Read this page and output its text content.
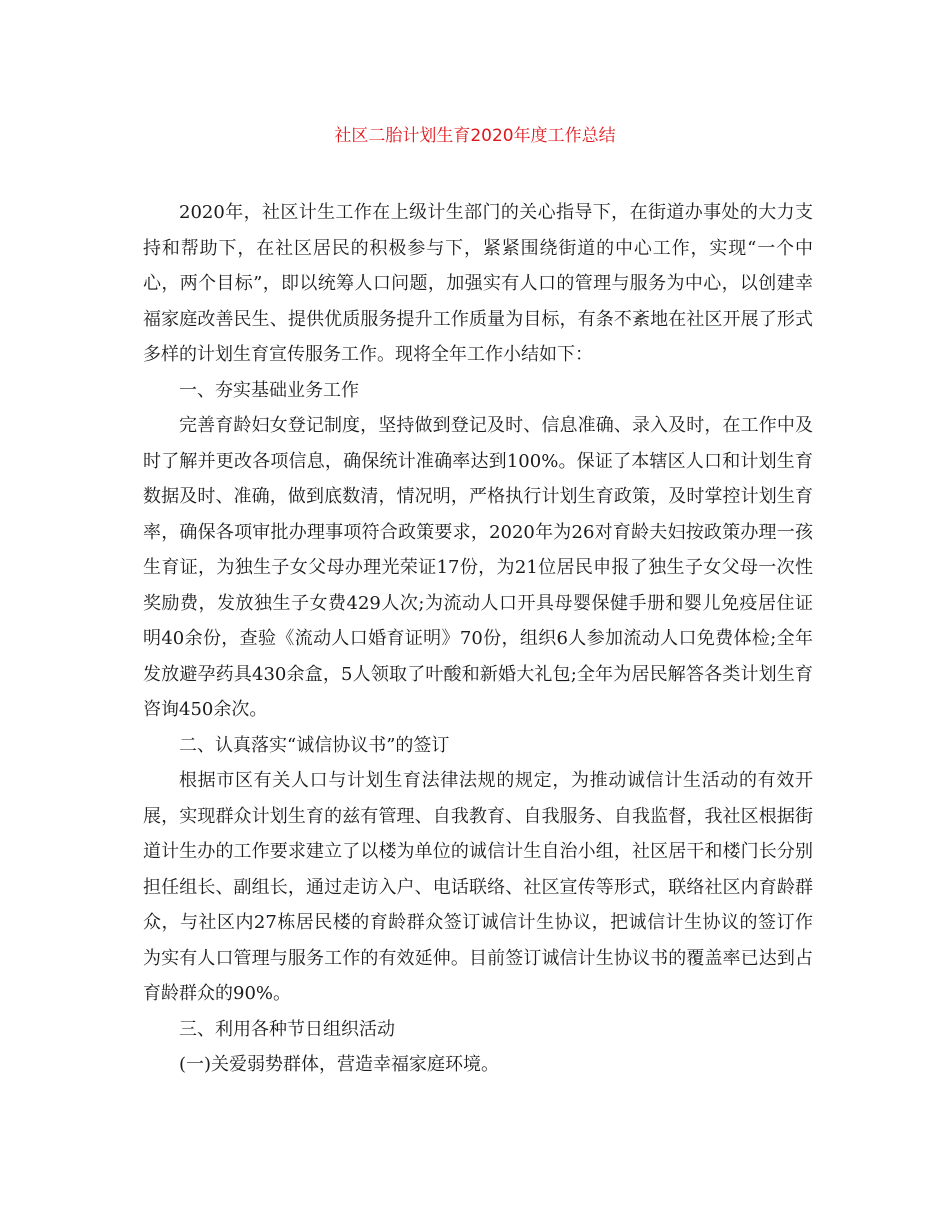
社区二胎计划生育2020年度工作总结

2020年，社区计生工作在上级计生部门的关心指导下，在街道办事处的大力支持和帮助下，在社区居民的积极参与下，紧紧围绕街道的中心工作，实现“一个中心，两个目标”，即以统筹人口问题，加强实有人口的管理与服务为中心，以创建幸福家庭改善民生、提供优质服务提升工作质量为目标，有条不紊地在社区开展了形式多样的计划生育宣传服务工作。现将全年工作小结如下：

一、夯实基础业务工作

完善育龄妇女登记制度，坚持做到登记及时、信息准确、录入及时，在工作中及时了解并更改各项信息，确保统计准确率达到100%。保证了本辖区人口和计划生育数据及时、准确，做到底数清，情况明，严格执行计划生育政策，及时掌控计划生育率，确保各项审批办理事项符合政策要求，2020年为26对育龄夫妇按政策办理一孩生育证，为独生子女父母办理光荣证17份，为21位居民申报了独生子女父母一次性奖励费，发放独生子女费429人次;为流动人口开具母婴保健手册和婴儿免疫居住证明40余份，查验《流动人口婚育证明》70份，组织6人参加流动人口免费体检;全年发放避孕药具430余盒，5人领取了叶酸和新婚大礼包;全年为居民解答各类计划生育咨询450余次。

二、认真落实“诚信协议书”的签订

根据市区有关人口与计划生育法律法规的规定，为推动诚信计生活动的有效开展，实现群众计划生育的兹有管理、自我教育、自我服务、自我监督，我社区根据街道计生办的工作要求建立了以楼为单位的诚信计生自治小组，社区居干和楼门长分别担任组长、副组长，通过走访入户、电话联络、社区宣传等形式，联络社区内育龄群众，与社区内27栋居民楼的育龄群众签订诚信计生协议，把诚信计生协议的签订作为实有人口管理与服务工作的有效延伸。目前签订诚信计生协议书的覆盖率已达到占育龄群众的90%。

三、利用各种节日组织活动

(一)关爱弱势群体，营造幸福家庭环境。
